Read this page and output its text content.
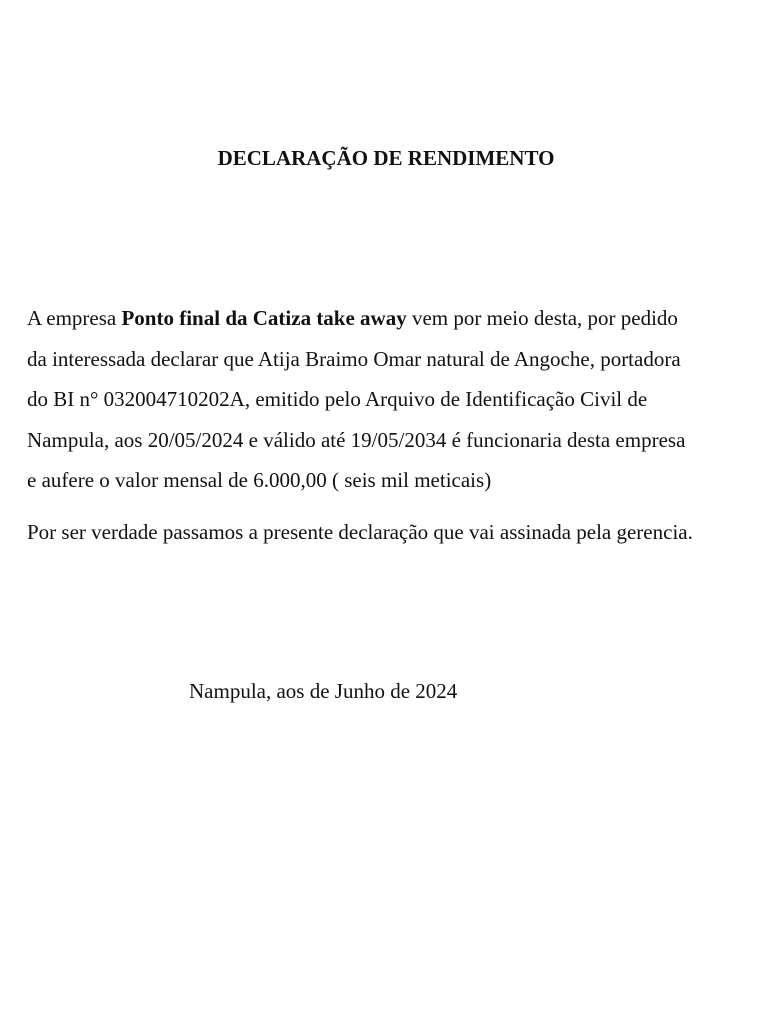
DECLARAÇÃO DE RENDIMENTO

A empresa Ponto final da Catiza take away vem por meio desta, por pedido
da interessada declarar que Atija Braimo Omar natural de Angoche, portadora
do BI n° 032004710202A, emitido pelo Arquivo de Identificação Civil de
Nampula, aos 20/05/2024 e válido até 19/05/2034 é funcionaria desta empresa
e aufere o valor mensal de 6.000,00 ( seis mil meticais)

Por ser verdade passamos a presente declaração que vai assinada pela gerencia.

Nampula, aos de Junho de 2024
